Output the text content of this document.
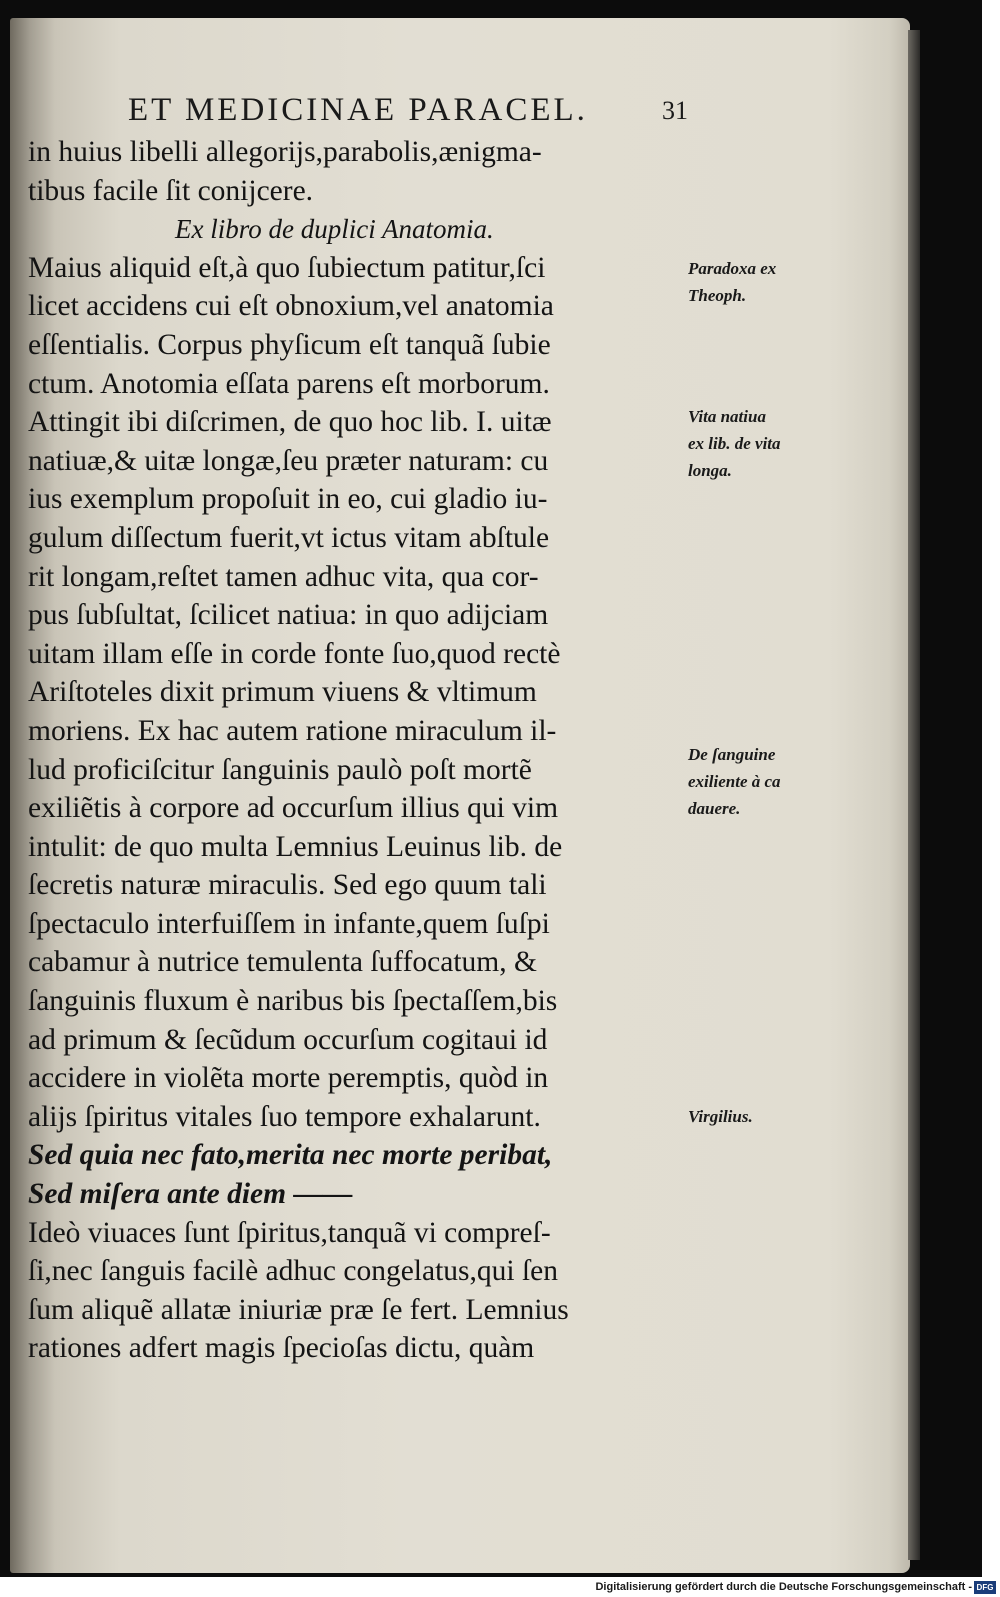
ET MEDICINAE PARACEL.	31
in huius libelli allegorijs,parabolis,ænigma-
tibus facile ſit conijcere.
Ex libro de duplici Anatomia.
Maius aliquid eſt,à quo ſubiectum patitur,ſci
licet accidens cui eſt obnoxium,vel anatomia
eſſentialis. Corpus phyſicum eſt tanquã ſubie
ctum. Anotomia eſſata parens eſt morborum.
Attingit ibi diſcrimen, de quo hoc lib. I. uitæ
natiuæ,& uitæ longæ,ſeu præter naturam: cu
ius exemplum propoſuit in eo, cui gladio iu-
gulum diſſectum fuerit,vt ictus vitam abſtule
rit longam,reſtet tamen adhuc vita, qua cor-
pus ſubſultat, ſcilicet natiua: in quo adijciam
uitam illam eſſe in corde fonte ſuo,quod rectè
Ariſtoteles dixit primum viuens & vltimum
moriens. Ex hac autem ratione miraculum il-
lud proficiſcitur ſanguinis paulò poſt mortẽ
exiliẽtis à corpore ad occurſum illius qui vim
intulit: de quo multa Lemnius Leuinus lib. de
ſecretis naturæ miraculis. Sed ego quum tali
ſpectaculo interfuiſſem in infante,quem ſuſpi
cabamur à nutrice temulenta ſuffocatum, &
ſanguinis fluxum è naribus bis ſpectaſſem,bis
ad primum & ſecũdum occurſum cogitaui id
accidere in violẽta morte peremptis, quòd in
alijs ſpiritus vitales ſuo tempore exhalarunt.
Sed quia nec fato,merita nec morte peribat,
Sed miſera ante diem ——
Ideò viuaces ſunt ſpiritus,tanquã vi compreſ-
ſi,nec ſanguis facilè adhuc congelatus,qui ſen
ſum aliquẽ allatæ iniuriæ præ ſe fert. Lemnius
rationes adfert magis ſpecioſas dictu, quàm
Paradoxa ex
Theoph.
Vita natiua
ex lib. de vita
longa.
De ſanguine
exiliente à ca
dauere.
Virgilius.
Digitalisierung gefördert durch die Deutsche Forschungsgemeinschaft - DFG
